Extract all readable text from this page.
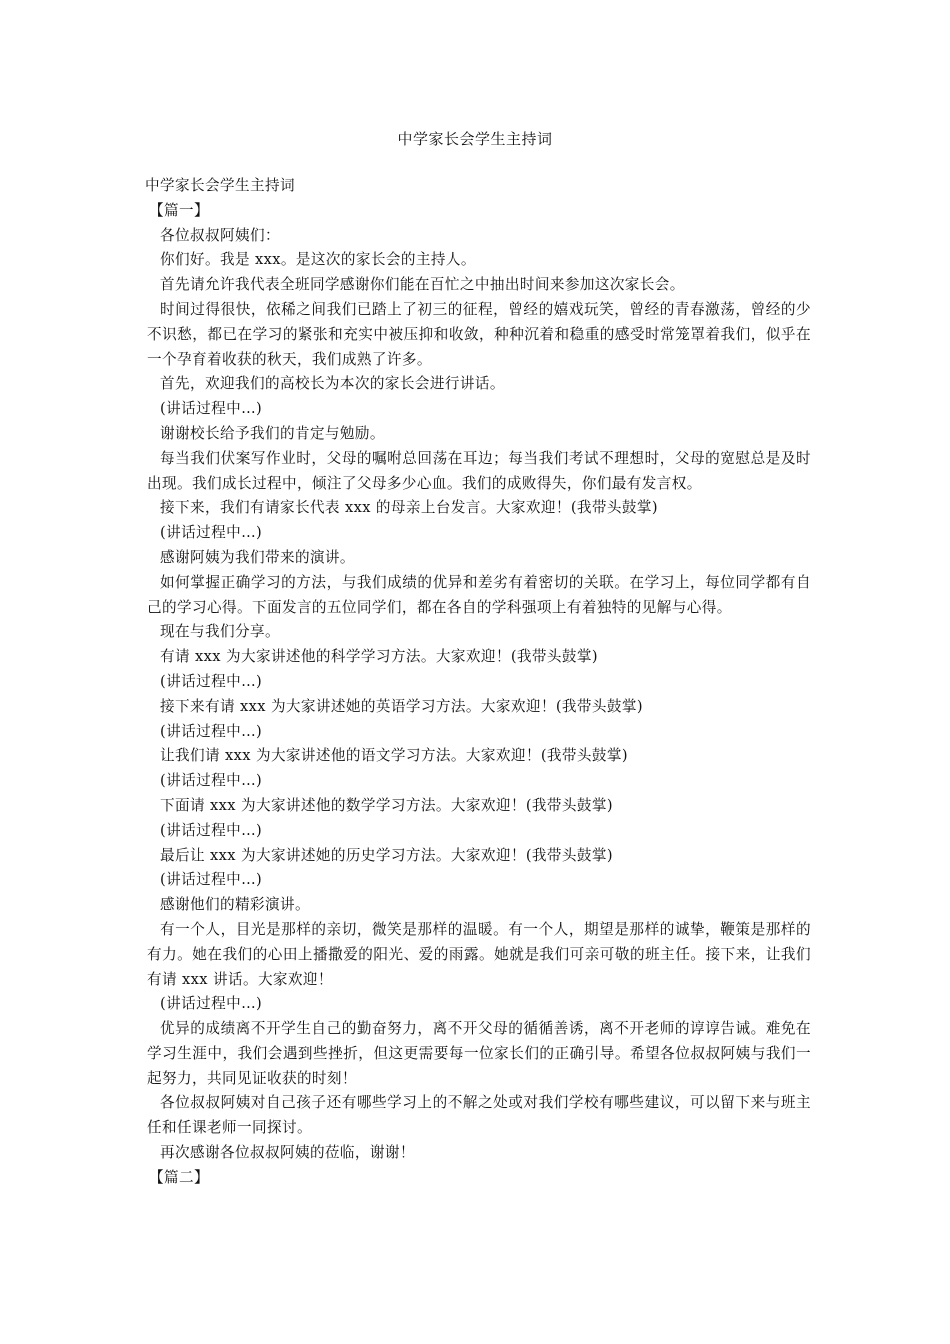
中学家长会学生主持词
中学家长会学生主持词
【篇一】
各位叔叔阿姨们：
你们好。我是 xxx。是这次的家长会的主持人。
首先请允许我代表全班同学感谢你们能在百忙之中抽出时间来参加这次家长会。
时间过得很快，依稀之间我们已踏上了初三的征程，曾经的嬉戏玩笑，曾经的青春激荡，曾经的少不识愁，都已在学习的紧张和充实中被压抑和收敛，种种沉着和稳重的感受时常笼罩着我们，似乎在一个孕育着收获的秋天，我们成熟了许多。
首先，欢迎我们的高校长为本次的家长会进行讲话。
(讲话过程中…)
谢谢校长给予我们的肯定与勉励。
每当我们伏案写作业时，父母的嘱咐总回荡在耳边；每当我们考试不理想时，父母的宽慰总是及时出现。我们成长过程中，倾注了父母多少心血。我们的成败得失，你们最有发言权。
接下来，我们有请家长代表 xxx 的母亲上台发言。大家欢迎！(我带头鼓掌)
(讲话过程中…)
感谢阿姨为我们带来的演讲。
如何掌握正确学习的方法，与我们成绩的优异和差劣有着密切的关联。在学习上，每位同学都有自己的学习心得。下面发言的五位同学们，都在各自的学科强项上有着独特的见解与心得。
现在与我们分享。
有请 xxx 为大家讲述他的科学学习方法。大家欢迎！(我带头鼓掌)
(讲话过程中…)
接下来有请 xxx 为大家讲述她的英语学习方法。大家欢迎！(我带头鼓掌)
(讲话过程中…)
让我们请 xxx 为大家讲述他的语文学习方法。大家欢迎！(我带头鼓掌)
(讲话过程中…)
下面请 xxx 为大家讲述他的数学学习方法。大家欢迎！(我带头鼓掌)
(讲话过程中…)
最后让 xxx 为大家讲述她的历史学习方法。大家欢迎！(我带头鼓掌)
(讲话过程中…)
感谢他们的精彩演讲。
有一个人，目光是那样的亲切，微笑是那样的温暖。有一个人，期望是那样的诚挚，鞭策是那样的有力。她在我们的心田上播撒爱的阳光、爱的雨露。她就是我们可亲可敬的班主任。接下来，让我们有请 xxx 讲话。大家欢迎！
(讲话过程中…)
优异的成绩离不开学生自己的勤奋努力，离不开父母的循循善诱，离不开老师的谆谆告诫。难免在学习生涯中，我们会遇到些挫折，但这更需要每一位家长们的正确引导。希望各位叔叔阿姨与我们一起努力，共同见证收获的时刻！
各位叔叔阿姨对自己孩子还有哪些学习上的不解之处或对我们学校有哪些建议，可以留下来与班主任和任课老师一同探讨。
再次感谢各位叔叔阿姨的莅临，谢谢！
【篇二】
